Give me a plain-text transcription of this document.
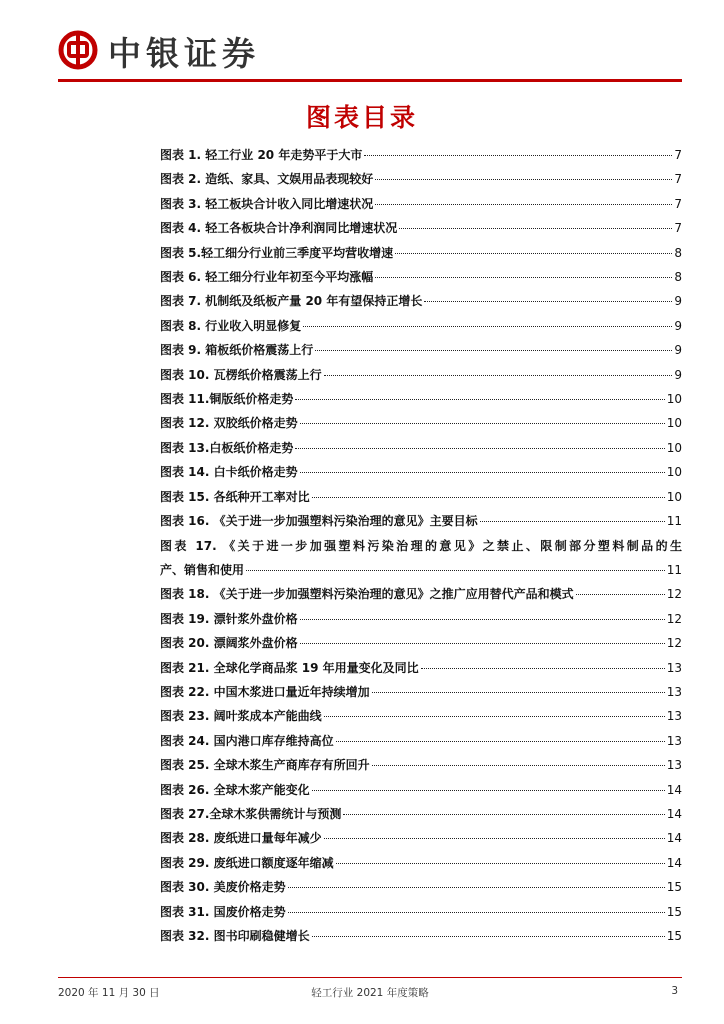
中银证券
图表目录
图表 1. 轻工行业 20 年走势平于大市	7
图表 2. 造纸、家具、文娱用品表现较好	7
图表 3. 轻工板块合计收入同比增速状况	7
图表 4. 轻工各板块合计净利润同比增速状况	7
图表 5.轻工细分行业前三季度平均营收增速	8
图表 6. 轻工细分行业年初至今平均涨幅	8
图表 7. 机制纸及纸板产量 20 年有望保持正增长	9
图表 8. 行业收入明显修复	9
图表 9. 箱板纸价格震荡上行	9
图表 10. 瓦楞纸价格震荡上行	9
图表 11.铜版纸价格走势	10
图表 12. 双胶纸价格走势	10
图表 13.白板纸价格走势	10
图表 14. 白卡纸价格走势	10
图表 15. 各纸种开工率对比	10
图表 16. 《关于进一步加强塑料污染治理的意见》主要目标	11
图表 17. 《关于进一步加强塑料污染治理的意见》之禁止、限制部分塑料制品的生
产、销售和使用	11
图表 18. 《关于进一步加强塑料污染治理的意见》之推广应用替代产品和模式	12
图表 19. 漂针浆外盘价格	12
图表 20. 漂阔浆外盘价格	12
图表 21. 全球化学商品浆 19 年用量变化及同比	13
图表 22. 中国木浆进口量近年持续增加	13
图表 23. 阔叶浆成本产能曲线	13
图表 24. 国内港口库存维持高位	13
图表 25. 全球木浆生产商库存有所回升	13
图表 26. 全球木浆产能变化	14
图表 27.全球木浆供需统计与预测	14
图表 28. 废纸进口量每年减少	14
图表 29. 废纸进口额度逐年缩减	14
图表 30. 美废价格走势	15
图表 31. 国废价格走势	15
图表 32. 图书印刷稳健增长	15
2020 年 11 月 30 日	轻工行业 2021 年度策略	3
